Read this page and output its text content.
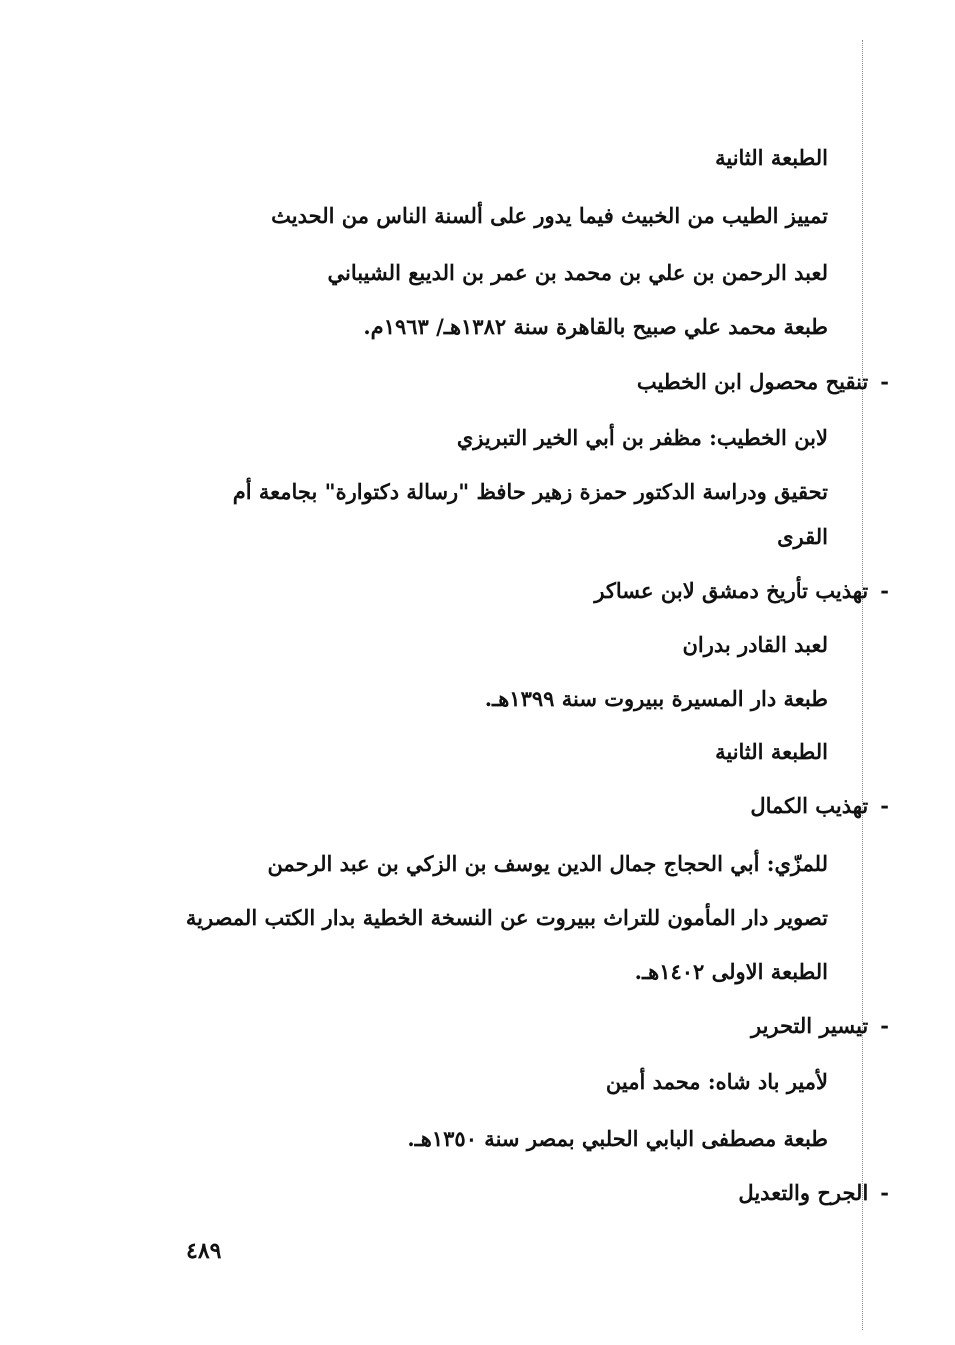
الطبعة الثانية
تمييز الطيب من الخبيث فيما يدور على ألسنة الناس من الحديث
لعبد الرحمن بن علي بن محمد بن عمر بن الديبع الشيباني
طبعة محمد علي صبيح بالقاهرة سنة ١٣٨٢هـ/ ١٩٦٣م.
-تنقيح محصول ابن الخطيب
لابن الخطيب: مظفر بن أبي الخير التبريزي
تحقيق ودراسة الدكتور حمزة زهير حافظ "رسالة دكتوارة" بجامعة أم
القرى
-تهذيب تأريخ دمشق لابن عساكر
لعبد القادر بدران
طبعة دار المسيرة ببيروت سنة ١٣٩٩هـ.
الطبعة الثانية
-تهذيب الكمال
للمزّي: أبي الحجاج جمال الدين يوسف بن الزكي بن عبد الرحمن
تصوير دار المأمون للتراث ببيروت عن النسخة الخطية بدار الكتب المصرية
الطبعة الاولى ١٤٠٢هـ.
-تيسير التحرير
لأمير باد شاه: محمد أمين
طبعة مصطفى البابي الحلبي بمصر سنة ١٣٥٠هـ.
-الجرح والتعديل
٤٨٩
